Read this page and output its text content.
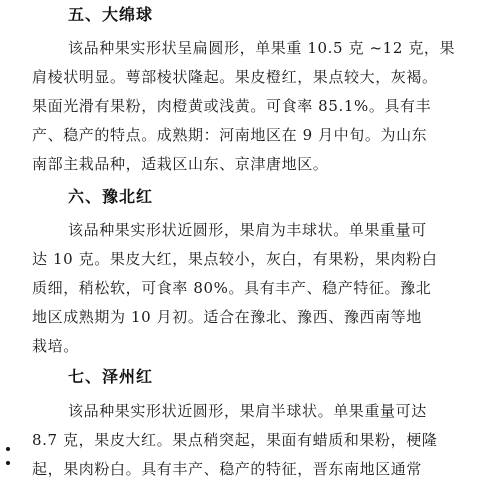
五、大绵球
该品种果实形状呈扁圆形，单果重 10.5 克 ~12 克，果
肩棱状明显。萼部棱状隆起。果皮橙红，果点较大，灰褐。
果面光滑有果粉，肉橙黄或浅黄。可食率 85.1%。具有丰
产、稳产的特点。成熟期：河南地区在 9 月中旬。为山东
南部主栽品种，适栽区山东、京津唐地区。
六、豫北红
该品种果实形状近圆形，果肩为丰球状。单果重量可
达 10 克。果皮大红，果点较小，灰白，有果粉，果肉粉白
质细，稍松软，可食率 80%。具有丰产、稳产特征。豫北
地区成熟期为 10 月初。适合在豫北、豫西、豫西南等地
栽培。
七、泽州红
该品种果实形状近圆形，果肩半球状。单果重量可达
8.7 克，果皮大红。果点稍突起，果面有蜡质和果粉，梗隆
起，果肉粉白。具有丰产、稳产的特征，晋东南地区通常
